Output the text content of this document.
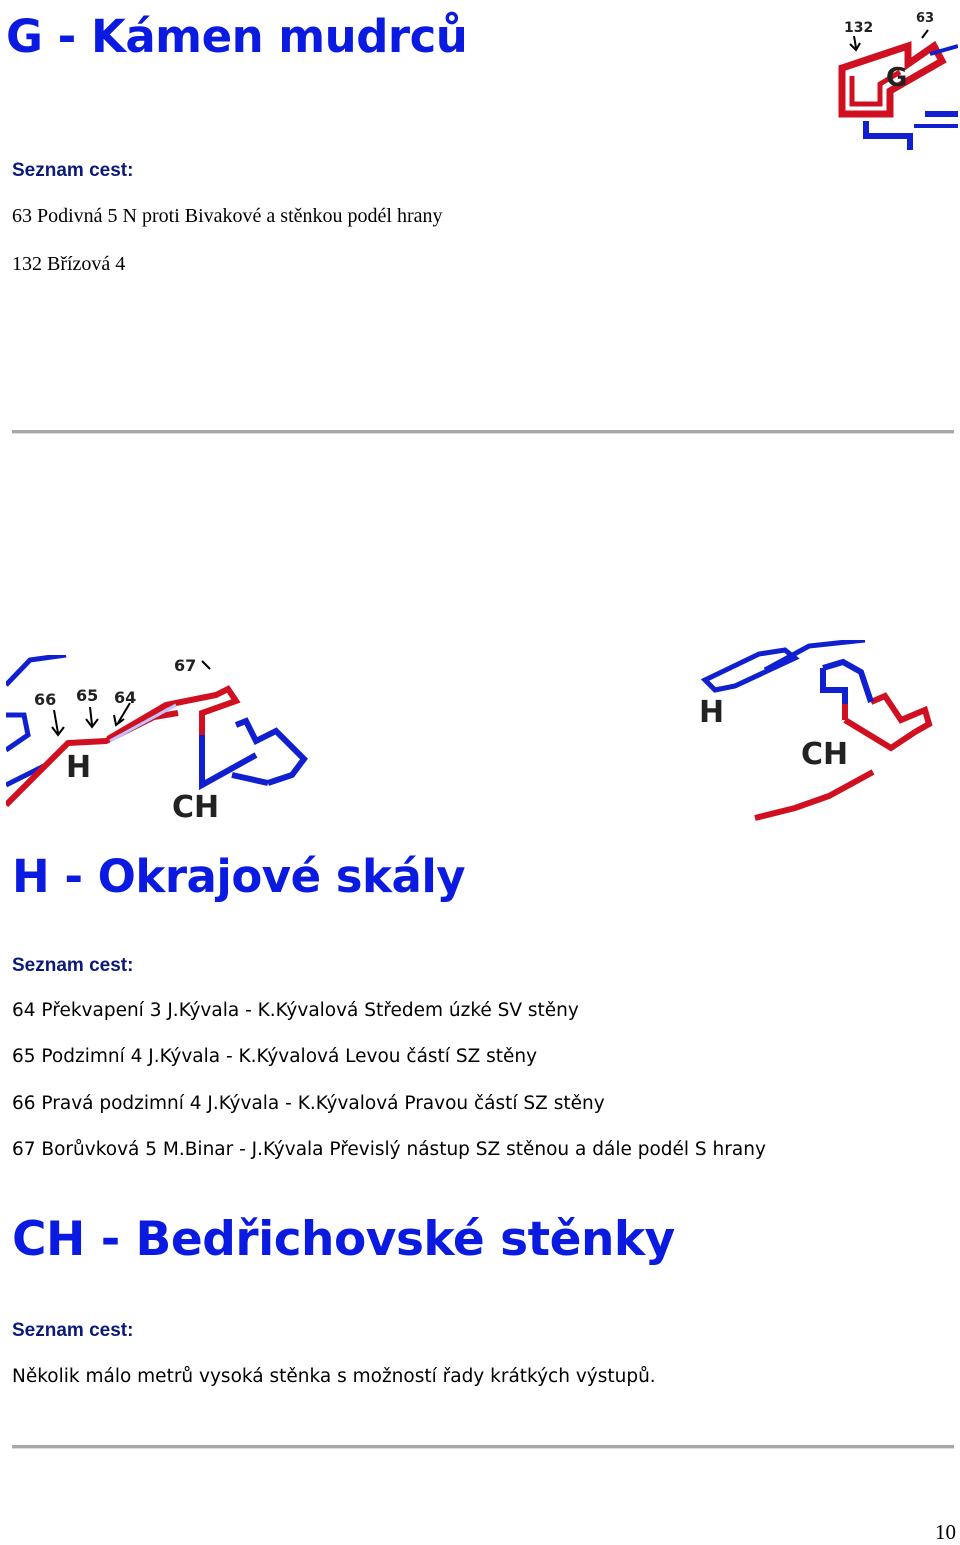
G - Kámen mudrců	132
63
G
Seznam cest:
63 Podivná 5 N proti Bivakové a stěnkou podél hrany
132 Břízová 4
66 65 64
67
H
CH
H
CH
H - Okrajové skály
Seznam cest:
64 Překvapení 3 J.Kývala - K.Kývalová Středem úzké SV stěny
65 Podzimní 4 J.Kývala - K.Kývalová Levou částí SZ stěny
66 Pravá podzimní 4 J.Kývala - K.Kývalová Pravou částí SZ stěny
67 Borůvková 5 M.Binar - J.Kývala Převislý nástup SZ stěnou a dále podél S hrany
CH - Bedřichovské stěnky
Seznam cest:
Několik málo metrů vysoká stěnka s možností řady krátkých výstupů.
10
